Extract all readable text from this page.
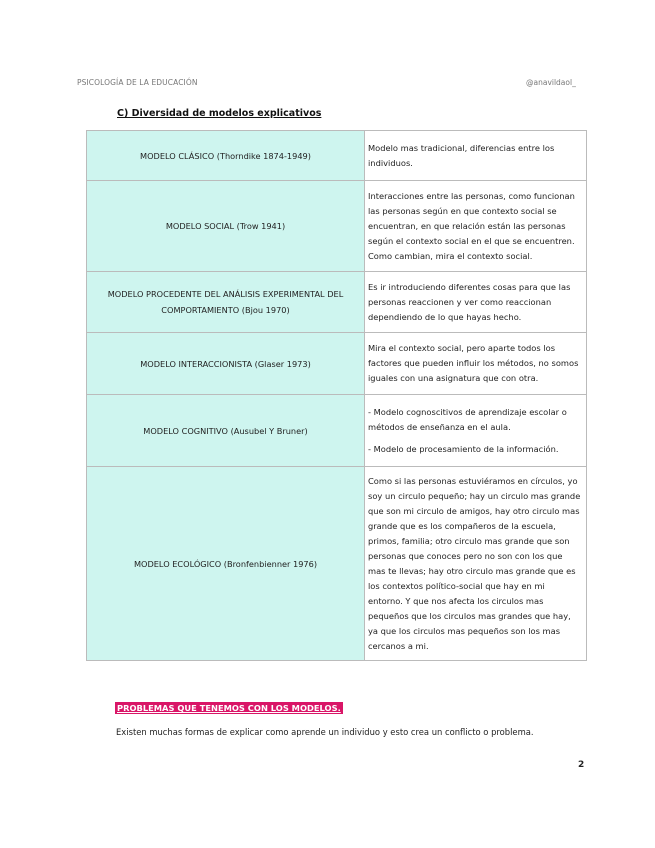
PSICOLOGÍA DE LA EDUCACIÓN	@anavildaol_
C) Diversidad de modelos explicativos
MODELO CLÁSICO (Thorndike 1874-1949)	Modelo mas tradicional, diferencias entre los individuos.

MODELO SOCIAL (Trow 1941)	Interacciones entre las personas, como funcionan las personas según en que contexto social se encuentran, en que relación están las personas según el contexto social en el que se encuentren. Como cambian, mira el contexto social.

MODELO PROCEDENTE DEL ANÁLISIS EXPERIMENTAL DEL COMPORTAMIENTO (Bjou 1970)	Es ir introduciendo diferentes cosas para que las personas reaccionen y ver como reaccionan dependiendo de lo que hayas hecho.

MODELO INTERACCIONISTA (Glaser 1973)	Mira el contexto social, pero aparte todos los factores que pueden influir los métodos, no somos iguales con una asignatura que con otra.

MODELO COGNITIVO (Ausubel Y Bruner)	- Modelo cognoscitivos de aprendizaje escolar o métodos de enseñanza en el aula.

- Modelo de procesamiento de la información.

MODELO ECOLÓGICO (Bronfenbienner 1976)	Como si las personas estuviéramos en círculos, yo soy un circulo pequeño; hay un circulo mas grande que son mi circulo de amigos, hay otro circulo mas grande que es los compañeros de la escuela, primos, familia; otro circulo mas grande que son personas que conoces pero no son con los que mas te llevas; hay otro circulo mas grande que es los contextos político-social que hay en mi entorno. Y que nos afecta los circulos mas pequeños que los circulos mas grandes que hay, ya que los circulos mas pequeños son los mas cercanos a mi.

PROBLEMAS QUE TENEMOS CON LOS MODELOS.
Existen muchas formas de explicar como aprende un individuo y esto crea un conflicto o problema.
2
